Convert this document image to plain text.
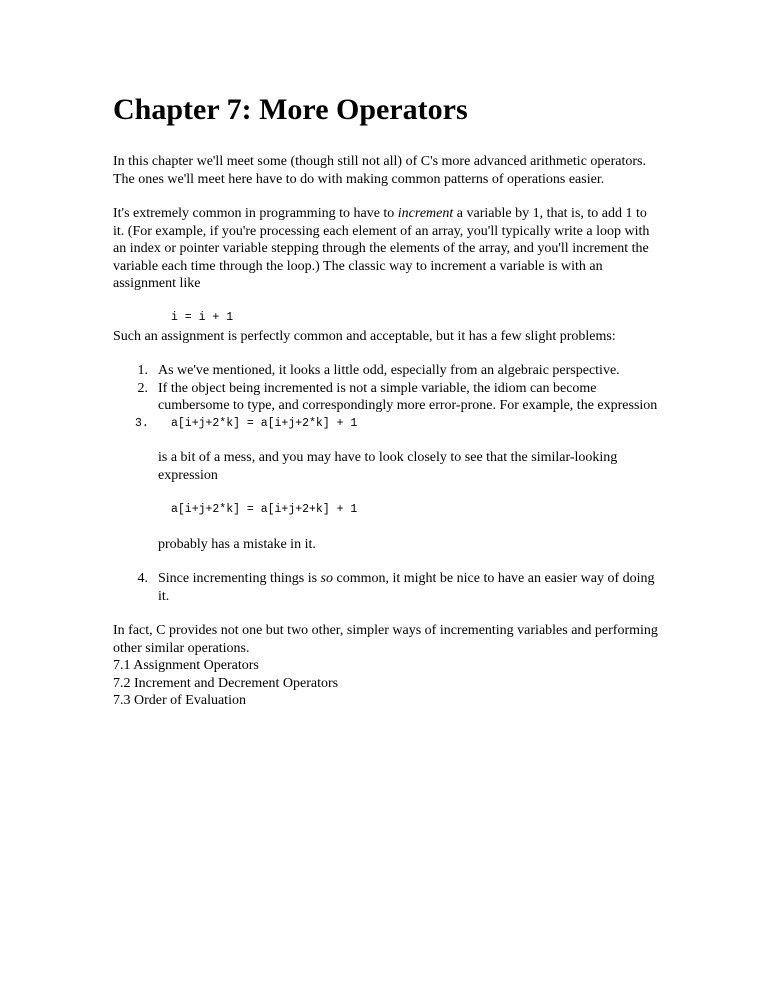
Chapter 7: More Operators

In this chapter we'll meet some (though still not all) of C's more advanced arithmetic operators. The ones we'll meet here have to do with making common patterns of operations easier.

It's extremely common in programming to have to increment a variable by 1, that is, to add 1 to it. (For example, if you're processing each element of an array, you'll typically write a loop with an index or pointer variable stepping through the elements of the array, and you'll increment the variable each time through the loop.) The classic way to increment a variable is with an assignment like

i = i + 1

Such an assignment is perfectly common and acceptable, but it has a few slight problems:

1. As we've mentioned, it looks a little odd, especially from an algebraic perspective.
2. If the object being incremented is not a simple variable, the idiom can become cumbersome to type, and correspondingly more error-prone. For example, the expression
3.	a[i+j+2*k] = a[i+j+2*k] + 1

is a bit of a mess, and you may have to look closely to see that the similar-looking expression

a[i+j+2*k] = a[i+j+2+k] + 1

probably has a mistake in it.

4. Since incrementing things is so common, it might be nice to have an easier way of doing it.

In fact, C provides not one but two other, simpler ways of incrementing variables and performing other similar operations.

7.1 Assignment Operators
7.2 Increment and Decrement Operators
7.3 Order of Evaluation
